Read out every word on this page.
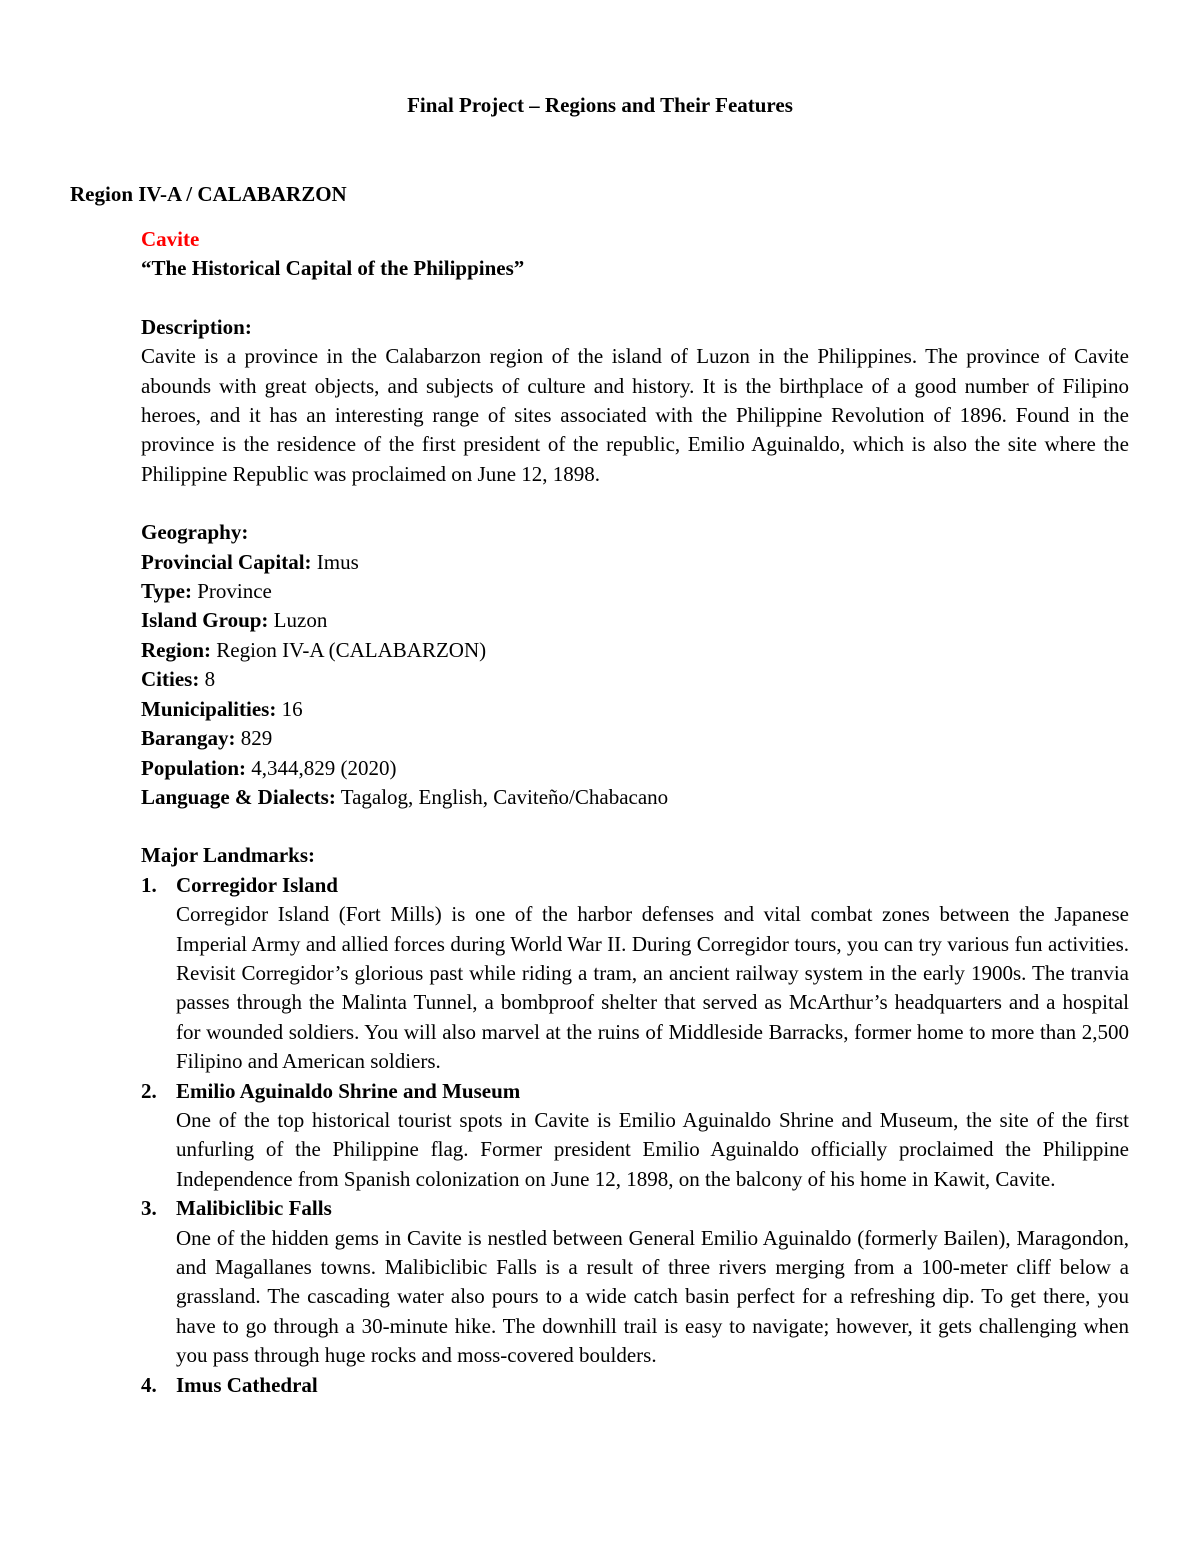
Final Project – Regions and Their Features
Region IV-A / CALABARZON
Cavite
“The Historical Capital of the Philippines”
Description:

Cavite is a province in the Calabarzon region of the island of Luzon in the Philippines. The province of Cavite abounds with great objects, and subjects of culture and history. It is the birthplace of a good number of Filipino heroes, and it has an interesting range of sites associated with the Philippine Revolution of 1896. Found in the province is the residence of the first president of the republic, Emilio Aguinaldo, which is also the site where the Philippine Republic was proclaimed on June 12, 1898.

Geography:
Provincial Capital: Imus
Type: Province
Island Group: Luzon
Region: Region IV-A (CALABARZON)
Cities: 8
Municipalities: 16
Barangay: 829
Population: 4,344,829 (2020)
Language & Dialects: Tagalog, English, Caviteño/Chabacano
Major Landmarks:
1. Corregidor Island

Corregidor Island (Fort Mills) is one of the harbor defenses and vital combat zones between the Japanese Imperial Army and allied forces during World War II. During Corregidor tours, you can try various fun activities. Revisit Corregidor’s glorious past while riding a tram, an ancient railway system in the early 1900s. The tranvia passes through the Malinta Tunnel, a bombproof shelter that served as McArthur’s headquarters and a hospital for wounded soldiers. You will also marvel at the ruins of Middleside Barracks, former home to more than 2,500 Filipino and American soldiers.

2. Emilio Aguinaldo Shrine and Museum

One of the top historical tourist spots in Cavite is Emilio Aguinaldo Shrine and Museum, the site of the first unfurling of the Philippine flag. Former president Emilio Aguinaldo officially proclaimed the Philippine Independence from Spanish colonization on June 12, 1898, on the balcony of his home in Kawit, Cavite.

3. Malibiclibic Falls

One of the hidden gems in Cavite is nestled between General Emilio Aguinaldo (formerly Bailen), Maragondon, and Magallanes towns. Malibiclibic Falls is a result of three rivers merging from a 100-meter cliff below a grassland. The cascading water also pours to a wide catch basin perfect for a refreshing dip. To get there, you have to go through a 30-minute hike. The downhill trail is easy to navigate; however, it gets challenging when you pass through huge rocks and moss-covered boulders.

4. Imus Cathedral
